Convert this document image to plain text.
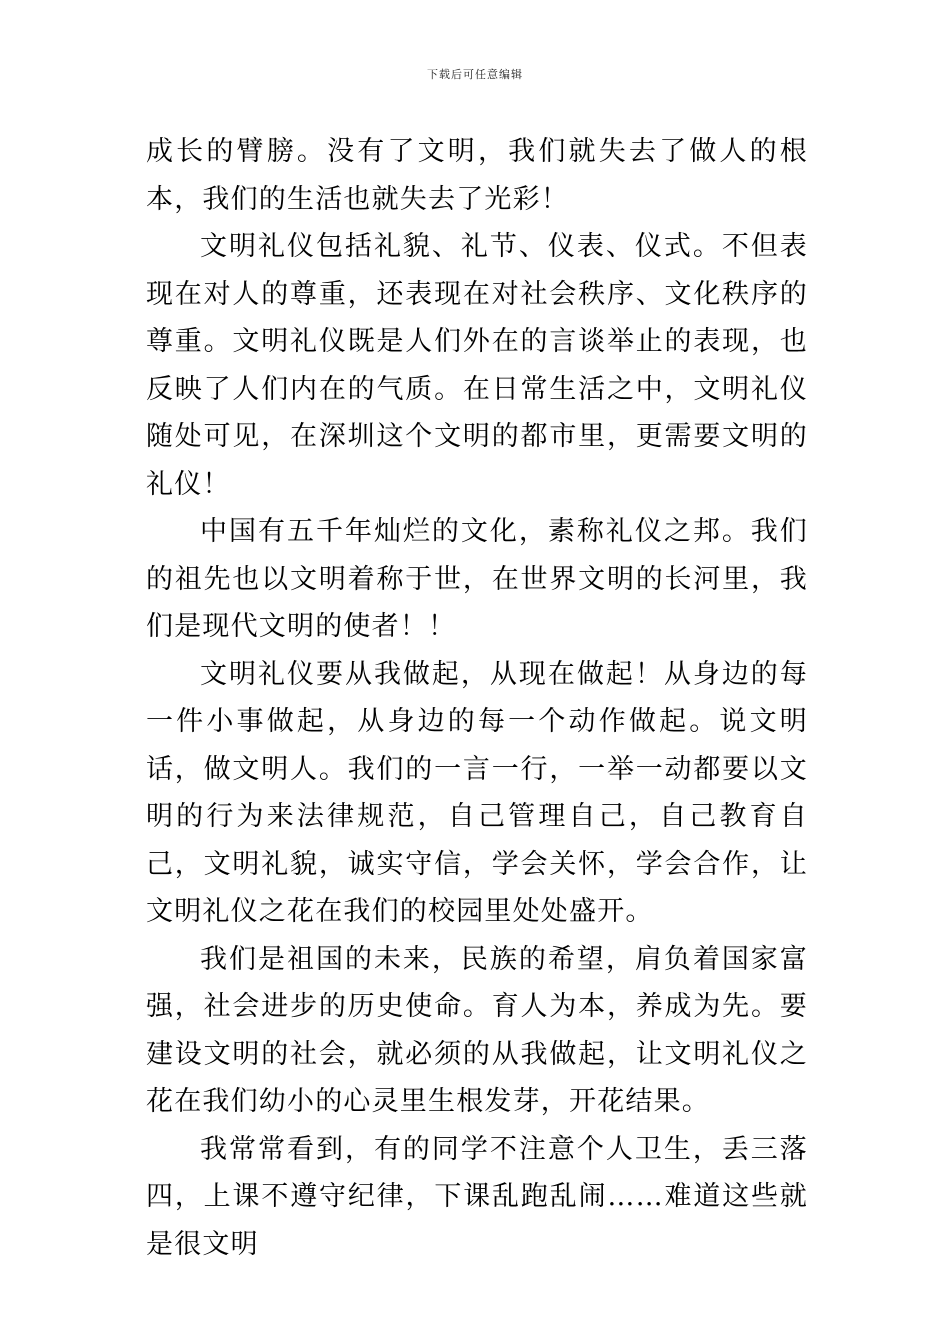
下载后可任意编辑

成长的臂膀。没有了文明，我们就失去了做人的根本，我们的生活也就失去了光彩！

文明礼仪包括礼貌、礼节、仪表、仪式。不但表现在对人的尊重，还表现在对社会秩序、文化秩序的尊重。文明礼仪既是人们外在的言谈举止的表现，也反映了人们内在的气质。在日常生活之中，文明礼仪随处可见，在深圳这个文明的都市里，更需要文明的礼仪！

中国有五千年灿烂的文化，素称礼仪之邦。我们的祖先也以文明着称于世，在世界文明的长河里，我们是现代文明的使者！！

文明礼仪要从我做起，从现在做起！从身边的每一件小事做起，从身边的每一个动作做起。说文明话，做文明人。我们的一言一行，一举一动都要以文明的行为来法律规范，自己管理自己，自己教育自己，文明礼貌，诚实守信，学会关怀，学会合作，让文明礼仪之花在我们的校园里处处盛开。

我们是祖国的未来，民族的希望，肩负着国家富强，社会进步的历史使命。育人为本，养成为先。要建设文明的社会，就必须的从我做起，让文明礼仪之花在我们幼小的心灵里生根发芽，开花结果。

我常常看到，有的同学不注意个人卫生，丢三落四，上课不遵守纪律，下课乱跑乱闹……难道这些就是很文明
